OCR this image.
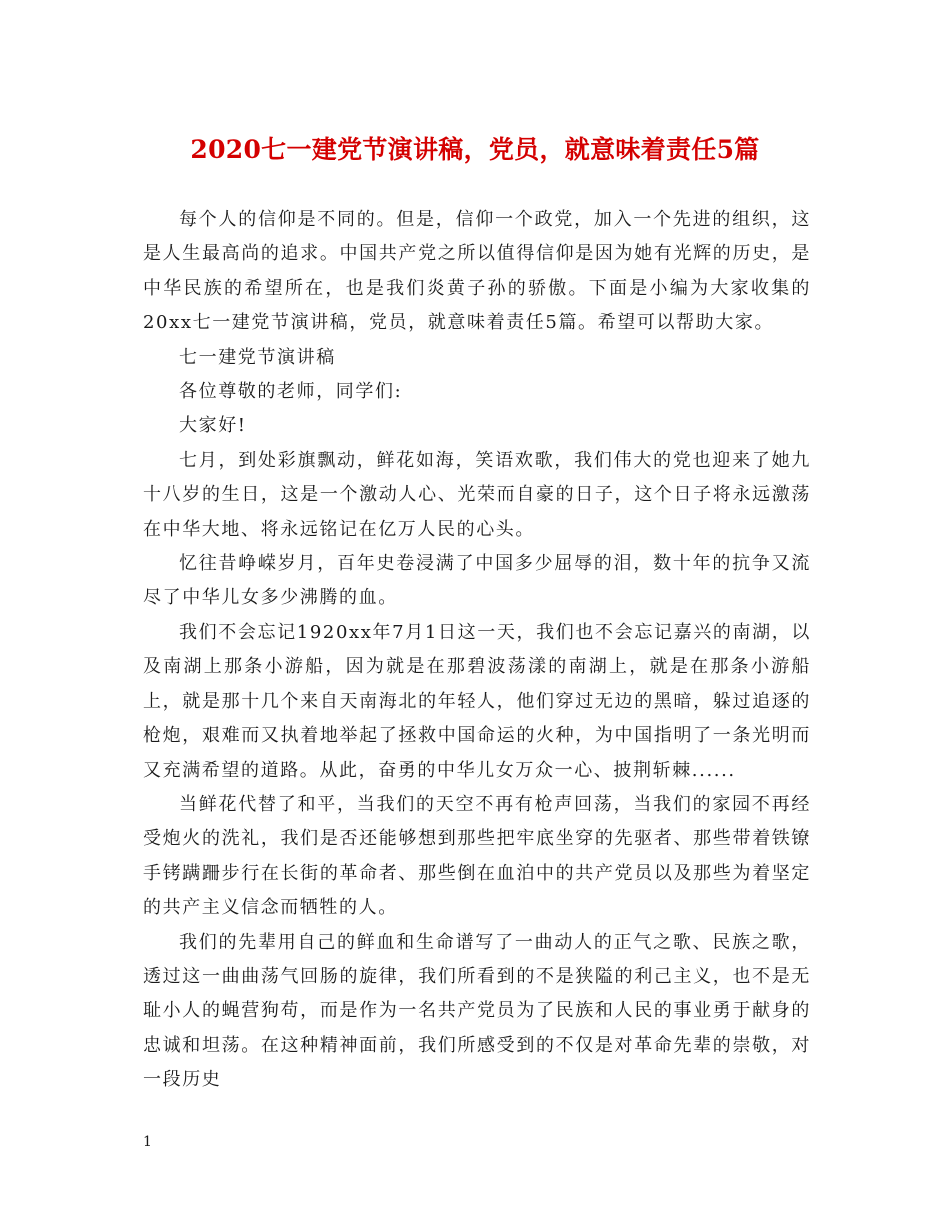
2020七一建党节演讲稿，党员，就意味着责任5篇

每个人的信仰是不同的。但是，信仰一个政党，加入一个先进的组织，这是人生最高尚的追求。中国共产党之所以值得信仰是因为她有光辉的历史，是中华民族的希望所在，也是我们炎黄子孙的骄傲。下面是小编为大家收集的20xx七一建党节演讲稿，党员，就意味着责任5篇。希望可以帮助大家。

七一建党节演讲稿

各位尊敬的老师，同学们:

大家好!

七月，到处彩旗飘动，鲜花如海，笑语欢歌，我们伟大的党也迎来了她九十八岁的生日，这是一个激动人心、光荣而自豪的日子，这个日子将永远激荡在中华大地、将永远铭记在亿万人民的心头。

忆往昔峥嵘岁月，百年史卷浸满了中国多少屈辱的泪，数十年的抗争又流尽了中华儿女多少沸腾的血。

我们不会忘记1920xx年7月1日这一天，我们也不会忘记嘉兴的南湖，以及南湖上那条小游船，因为就是在那碧波荡漾的南湖上，就是在那条小游船上，就是那十几个来自天南海北的年轻人，他们穿过无边的黑暗，躲过追逐的枪炮，艰难而又执着地举起了拯救中国命运的火种，为中国指明了一条光明而又充满希望的道路。从此，奋勇的中华儿女万众一心、披荆斩棘......

当鲜花代替了和平，当我们的天空不再有枪声回荡，当我们的家园不再经受炮火的洗礼，我们是否还能够想到那些把牢底坐穿的先驱者、那些带着铁镣手铐蹒跚步行在长街的革命者、那些倒在血泊中的共产党员以及那些为着坚定的共产主义信念而牺牲的人。

我们的先辈用自己的鲜血和生命谱写了一曲动人的正气之歌、民族之歌，透过这一曲曲荡气回肠的旋律，我们所看到的不是狭隘的利己主义，也不是无耻小人的蝇营狗苟，而是作为一名共产党员为了民族和人民的事业勇于献身的忠诚和坦荡。在这种精神面前，我们所感受到的不仅是对革命先辈的崇敬，对一段历史

1
